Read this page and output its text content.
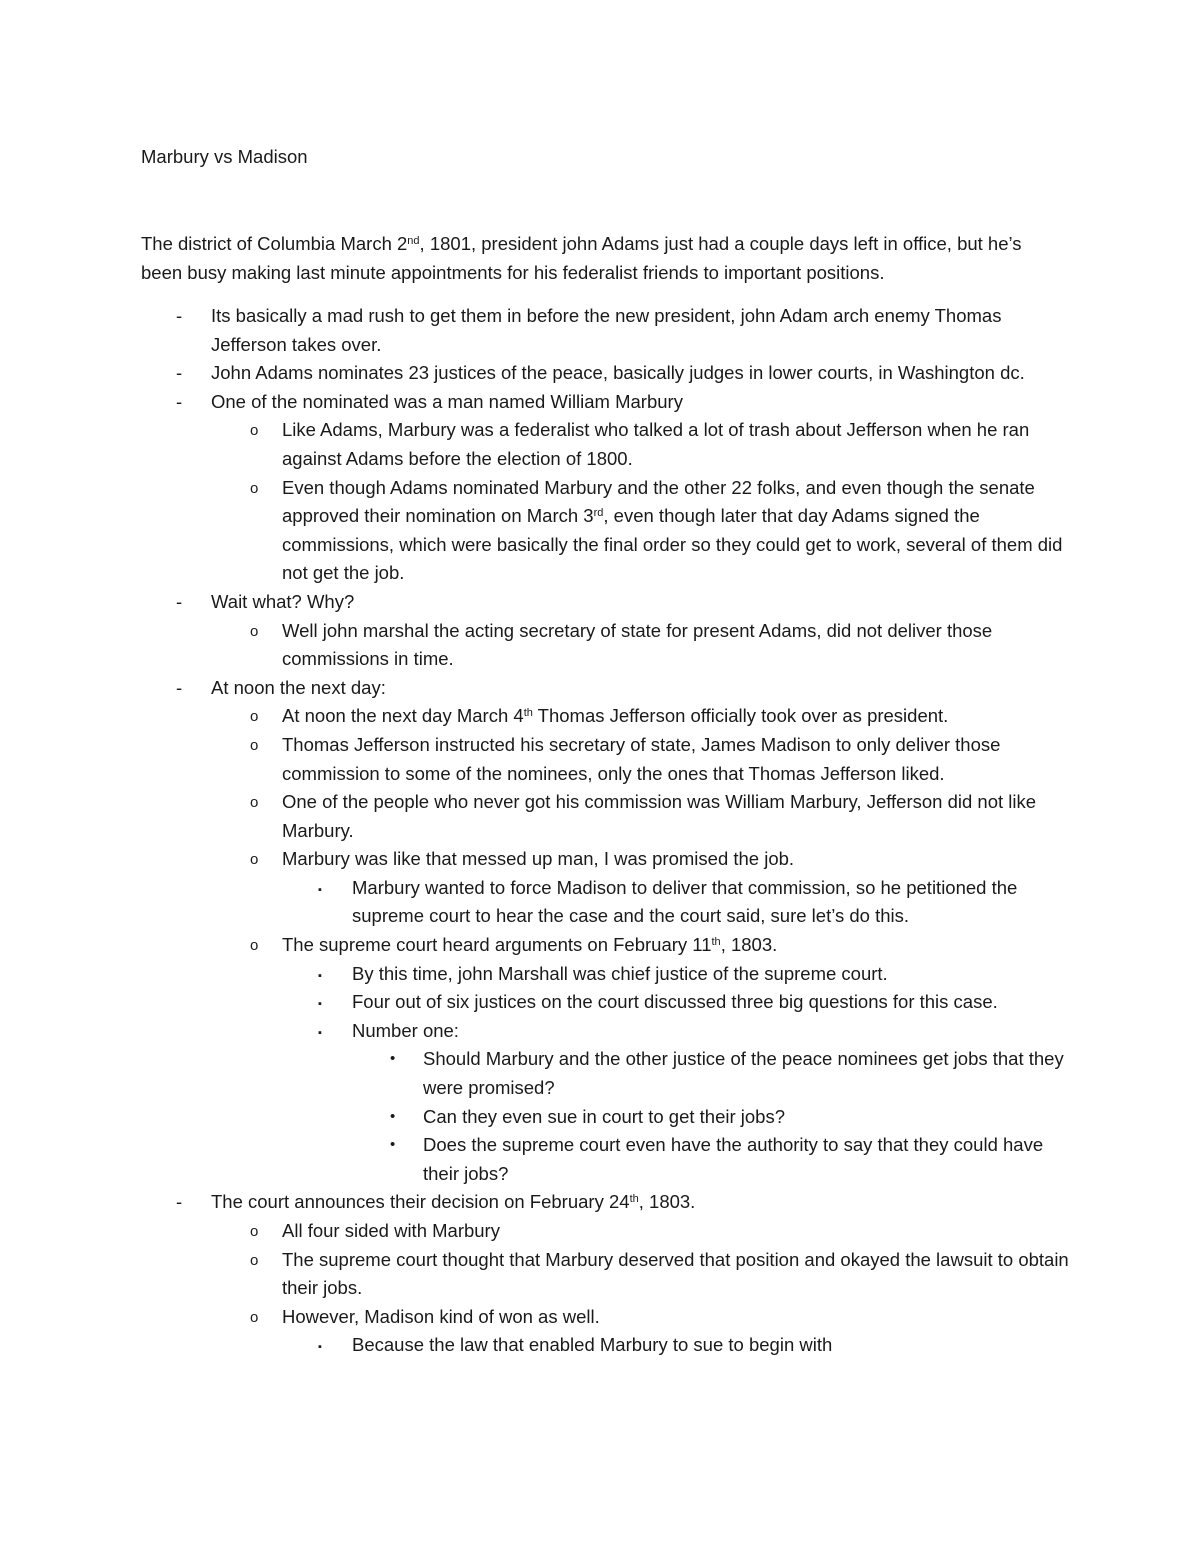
Marbury vs Madison

The district of Columbia March 2nd, 1801, president john Adams just had a couple days left in office, but he’s been busy making last minute appointments for his federalist friends to important positions.

- Its basically a mad rush to get them in before the new president, john Adam arch enemy Thomas Jefferson takes over.
- John Adams nominates 23 justices of the peace, basically judges in lower courts, in Washington dc.
- One of the nominated was a man named William Marbury
o Like Adams, Marbury was a federalist who talked a lot of trash about Jefferson when he ran against Adams before the election of 1800.
o Even though Adams nominated Marbury and the other 22 folks, and even though the senate approved their nomination on March 3rd, even though later that day Adams signed the commissions, which were basically the final order so they could get to work, several of them did not get the job.
- Wait what? Why?
o Well john marshal the acting secretary of state for present Adams, did not deliver those commissions in time.
- At noon the next day:
o At noon the next day March 4th Thomas Jefferson officially took over as president.
o Thomas Jefferson instructed his secretary of state, James Madison to only deliver those commission to some of the nominees, only the ones that Thomas Jefferson liked.
o One of the people who never got his commission was William Marbury, Jefferson did not like Marbury.
o Marbury was like that messed up man, I was promised the job.
▪ Marbury wanted to force Madison to deliver that commission, so he petitioned the supreme court to hear the case and the court said, sure let’s do this.
o The supreme court heard arguments on February 11th, 1803.
▪ By this time, john Marshall was chief justice of the supreme court.
▪ Four out of six justices on the court discussed three big questions for this case.
▪ Number one:
• Should Marbury and the other justice of the peace nominees get jobs that they were promised?
• Can they even sue in court to get their jobs?
• Does the supreme court even have the authority to say that they could have their jobs?
- The court announces their decision on February 24th, 1803.
o All four sided with Marbury
o The supreme court thought that Marbury deserved that position and okayed the lawsuit to obtain their jobs.
o However, Madison kind of won as well.
▪ Because the law that enabled Marbury to sue to begin with
